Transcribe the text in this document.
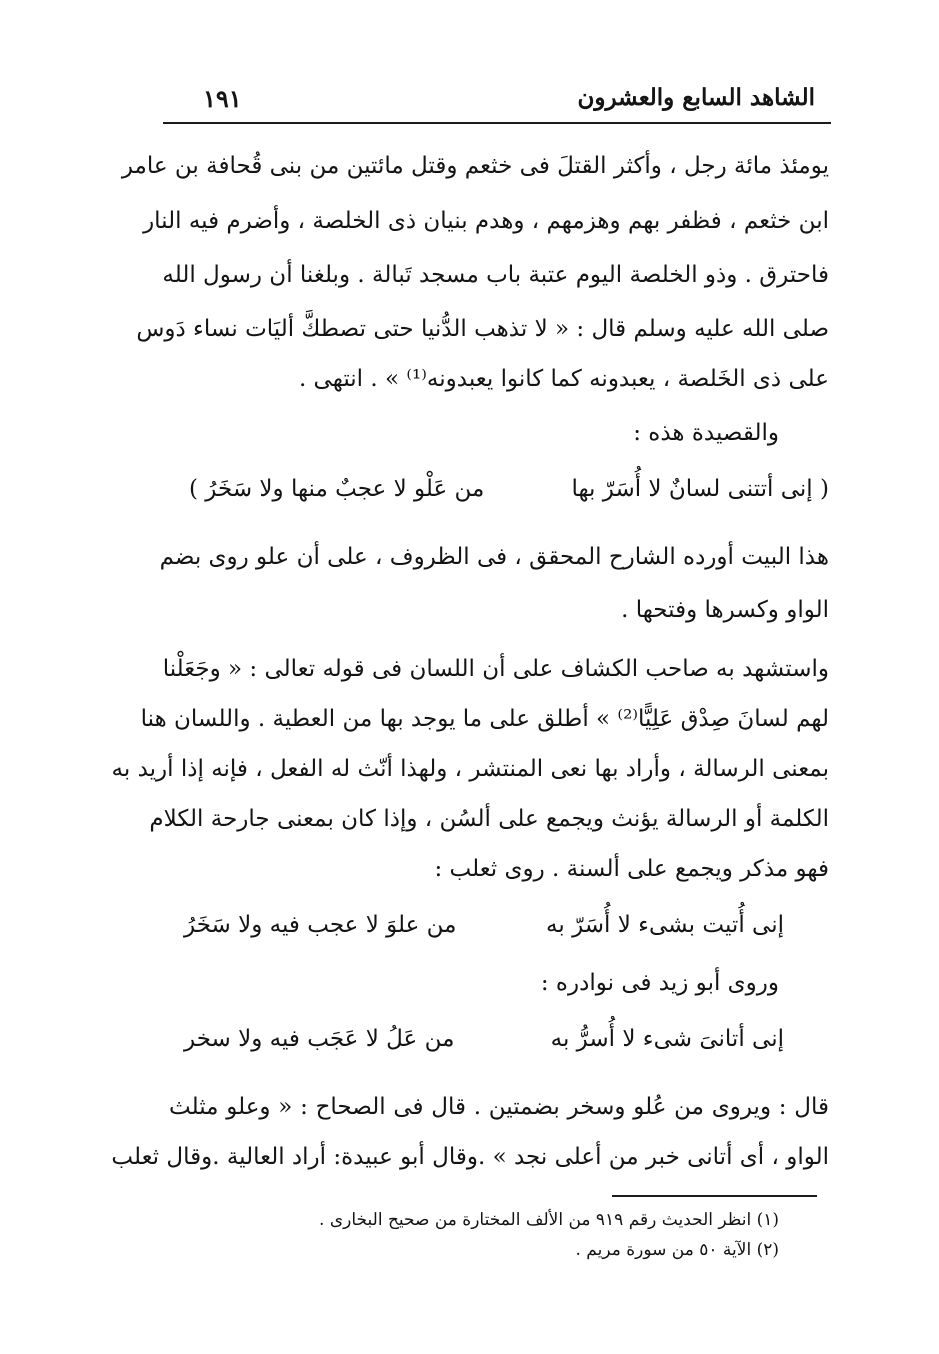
الشاهد السابع والعشرون
١٩١
يومئذ مائة رجل ، وأكثر القتلَ فى خثعم وقتل مائتين من بنى قُحافة بن عامر
ابن خثعم ، فظفر بهم وهزمهم ، وهدم بنيان ذى الخلصة ، وأضرم فيه النار
فاحترق . وذو الخلصة اليوم عتبة باب مسجد تَبالة . وبلغنا أن رسول الله
صلى الله عليه وسلم قال : « لا تذهب الدُّنيا حتى تصطكَّ أليَات نساء دَوس
على ذى الخَلصة ، يعبدونه كما كانوا يعبدونه⁽¹⁾ » . انتهى .
والقصيدة هذه :
( إنى أتتنى لسانٌ لا أُسَرّ بها
من عَلْو لا عجبٌ منها ولا سَخَرُ )
هذا البيت أورده الشارح المحقق ، فى الظروف ، على أن علو روى بضم
الواو وكسرها وفتحها .
واستشهد به صاحب الكشاف على أن اللسان فى قوله تعالى : « وجَعَلْنا
لهم لسانَ صِدْق عَلِيًّا⁽²⁾ » أطلق على ما يوجد بها من العطية . واللسان هنا
بمعنى الرسالة ، وأراد بها نعى المنتشر ، ولهذا أنّث له الفعل ، فإنه إذا أريد به
الكلمة أو الرسالة يؤنث ويجمع على ألسُن ، وإذا كان بمعنى جارحة الكلام
فهو مذكر ويجمع على ألسنة . روى ثعلب :
إنى أُتيت بشىء لا أُسَرّ به
من علوَ لا عجب فيه ولا سَخَرُ
وروى أبو زيد فى نوادره :
إنى أتانىَ شىء لا أُسرُّ به
من عَلُ لا عَجَب فيه ولا سخر
قال : ويروى من عُلو وسخر بضمتين . قال فى الصحاح : « وعلو مثلث
الواو ، أى أتانى خبر من أعلى نجد » .وقال أبو عبيدة: أراد العالية .وقال ثعلب
(١) انظر الحديث رقم ٩١٩ من الألف المختارة من صحيح البخارى .
(٢) الآية ٥٠ من سورة مريم .
